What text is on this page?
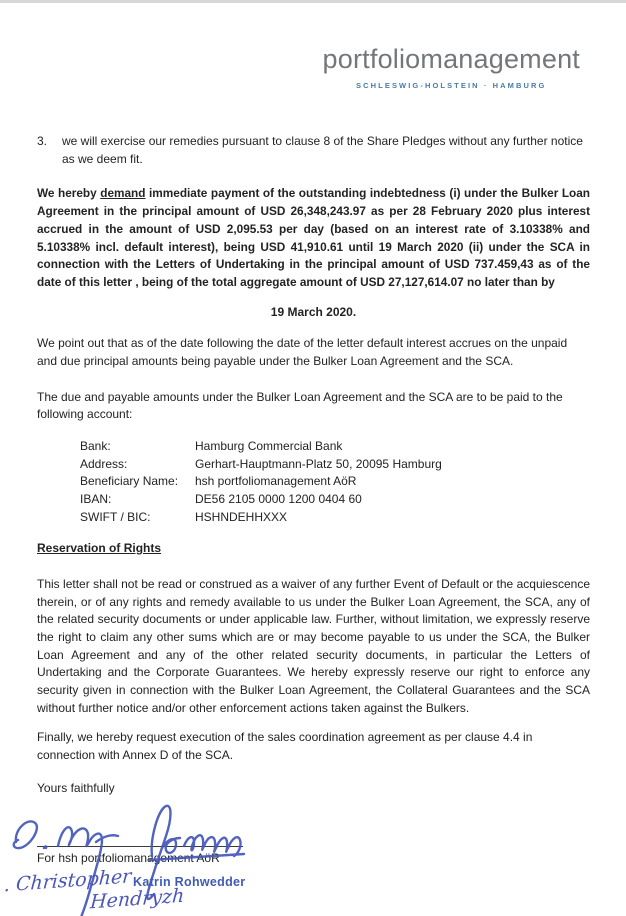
portfoliomanagement
SCHLESWIG-HOLSTEIN · HAMBURG
3.	we will exercise our remedies pursuant to clause 8 of the Share Pledges without any further notice as we deem fit.

We hereby demand immediate payment of the outstanding indebtedness (i) under the Bulker Loan Agreement in the principal amount of USD 26,348,243.97 as per 28 February 2020 plus interest accrued in the amount of USD 2,095.53 per day (based on an interest rate of 3.10338% and 5.10338% incl. default interest), being USD 41,910.61 until 19 March 2020 (ii) under the SCA in connection with the Letters of Undertaking in the principal amount of USD 737.459,43 as of the date of this letter , being of the total aggregate amount of USD 27,127,614.07 no later than by

19 March 2020.

We point out that as of the date following the date of the letter default interest accrues on the unpaid and due principal amounts being payable under the Bulker Loan Agreement and the SCA.

The due and payable amounts under the Bulker Loan Agreement and the SCA are to be paid to the following account:

Bank:	Hamburg Commercial Bank
Address:	Gerhart-Hauptmann-Platz 50, 20095 Hamburg
Beneficiary Name:	hsh portfoliomanagement AöR
IBAN:	DE56 2105 0000 1200 0404 60
SWIFT / BIC:	HSHNDEHHXXX

Reservation of Rights

This letter shall not be read or construed as a waiver of any further Event of Default or the acquiescence therein, or of any rights and remedy available to us under the Bulker Loan Agreement, the SCA, any of the related security documents or under applicable law. Further, without limitation, we expressly reserve the right to claim any other sums which are or may become payable to us under the SCA, the Bulker Loan Agreement and any of the other related security documents, in particular the Letters of Undertaking and the Corporate Guarantees. We hereby expressly reserve our right to enforce any security given in connection with the Bulker Loan Agreement, the Collateral Guarantees and the SCA without further notice and/or other enforcement actions taken against the Bulkers.

Finally, we hereby request execution of the sales coordination agreement as per clause 4.4 in connection with Annex D of the SCA.

Yours faithfully

For hsh portfoliomanagement AöR

. Christopher
Hendryzh
Katrin Rohwedder
